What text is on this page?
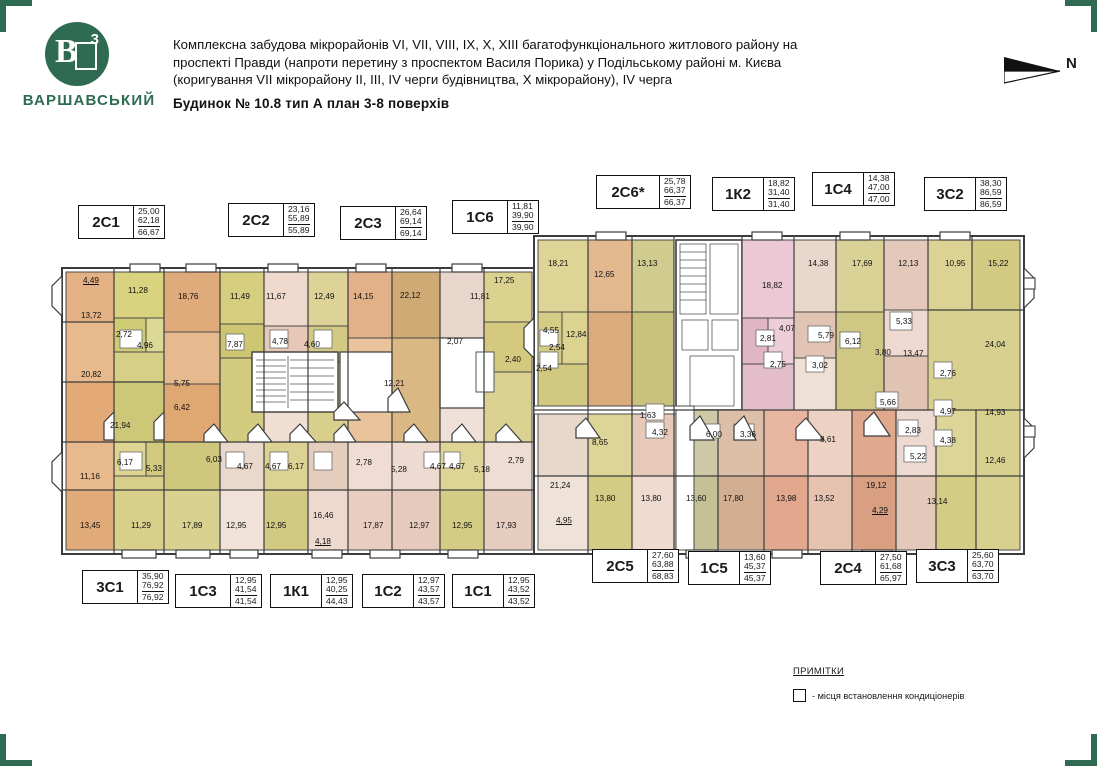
В 3
ВАРШАВСЬКИЙ
Комплексна забудова мікрорайонів VI, VII, VIII, IX, X, XIII багатофункціонального житлового району на
проспекті Правди (напроти перетину з проспектом Василя Порика) у Подільському районі м. Києва
(коригування VII мікрорайону II, III, IV черги будівництва, X мікрорайону), IV черга
Будинок № 10.8 тип А план 3-8 поверхів
N
2С1
25,00
62,18
66,67
2С2
23,16
55,89
55,89	2С3
26,64
69,14
69,14
1С6
11,81
39,90
39,90
2С6*
25,78
66,37
66,37	1К2
18,82
31,40
31,40
1С4
14,38
47,00
47,00	3С2
38,30
86,59
86,59
3С1
35,90
76,92
76,92	1С3
12,95
41,54
41,54
1К1
12,95
40,25
44,43
1С2
12,97
43,57
43,57
1С1
12,95
43,52
43,52
2С5
27,60
63,88
68,83	1С5
13,60
45,37
45,37
2С4
27,50
61,68
65,97
3С3
25,60
63,70
63,70
4,49
11,28
13,72
2,72
4,96
20,82
5,75
6,42
21,94
11,16
6,17
5,33
13,45	11,29
18,76
7,87
11,49 11,67
4,78 4,60
12,49 14,15	22,12	11,81
17,25
2,07
2,40
12,21
6,03
4,67 4,67 6,17	2,78
5,28	4,67 4,67 5,18
2,79
17,89	12,95 12,95
16,46
4,18
17,87	12,97	12,95	17,93
18,21
12,65
13,13
12,84
4,55
2,54
2,54
8,65
4,32
1,63
21,24
4,95
13,80	13,80	13,60 17,80
6,00 3,36
18,82
2,81
4,07
2,75
14,38	17,69
5,79
3,02
6,12
5,33
12,13	10,95	15,22
24,04
3,80 13,47
2,76
5,66
4,97	14,93
2,83
4,38
5,22	12,46
13,14
4,29
19,12
13,52
13,98
8,61
ПРИМІТКИ
- місця встановлення кондиціонерів
